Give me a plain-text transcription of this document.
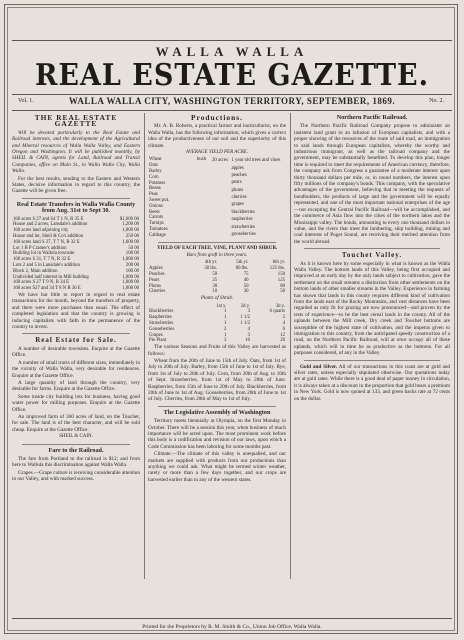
WALLA WALLA
REAL ESTATE GAZETTE.
Vol. 1.	WALLA WALLA CITY, WASHINGTON TERRITORY, SEPTEMBER, 1869.	No. 2.
THE REAL ESTATE GAZETTE
Will be devoted particularly to the Real Estate and Railroad interests, and the development of the Agricultural and Mineral resources of Walla Walla Valley, and Eastern Oregon and Washington. It will be published monthly, by SHEIL & CAIN, agents for Land, Railroad and Transit Companies, office on Main St., in Walla Walla City, Walla Walla.
For the best results, sending to the Eastern and Western States, decisive information in regard to this country, the Gazette will be given free.
Real Estate Transfers in Walla Walla County from Aug. 31st to Sept 30.
160 acres S 27 and S4 T 1 N, R 35 E	$1,600 00
House and 2 acres, Lansdale's addition	1,200 00
160 acres land adjoining city	1,000 00
House and lot, Sheil & Co's addition	250 00
160 acres land S 27, T 7 N, R 32 E	1,600 00
Lot 1 B P Cramer's addition	50 00
Building lot in Wallula townsite	100 00
160 acres S 31, T 7 N, R 32 E	1,000 00
Lots 2 and 5 in Lansdale's addition	200 00
Block 2, Main addition	100 00
Undivided half interest in Mill building	1,000 00
160 acres S 27 T 9 N, R 34 E	1,000 00
160 acres S27 and 34 T 8 N R 36 E	1,000 00
We have but little to report in regard to real estate transactions for the month, beyond the transfers of property, and there were more purchases than usual. The effect of completed legislation and that the country is growing is inducing capitalists with faith in the permanence of the country to invest.
Real Estate for Sale.
A number of desirable townsites. Enquire at the Gazette Office.
A number of small tracts of different sizes, immediately in the vicinity of Walla Walla, very desirable for residences. Enquire at the Gazette Office.
A large quantity of land through the country, very desirable for farms. Enquire at the Gazette Office.
Some inside city building lots for business, having good water power for milling purposes. Enquire at the Gazette Office.
An improved farm of 360 acres of land, on the Touchet, for sale. The land is of the best character, and will be sold cheap. Enquire at the Gazette Office.
SHEIL & CAIN.
Fare to the Railroad.
The fare from Portland to the railroad is $12; and from here to Wallula this discrimination against Walla Walla.
Grapes.—Grape culture is receiving considerable attention in our Valley, and with marked success.
Productions.
Mr. A. B. Roberts, a practical farmer and horticulturist, on the Walla Walla, has the following information, which gives a correct idea of the productiveness of our soil and the superiority of this climate.
AVERAGE YIELD PER ACRE.
Wheat	bush
Oats	
Barley	
Corn	
Potatoes	
Beans	
Peas	
Sweet pot.	
Onions	
Beets	
Carrots	
Turnips	
Tomatoes	
Cabbage	
20 acres	1 year old trees and vines
	apples
	peaches
	pears
	plums
	cherries
	grapes
	blackberries
	raspberries
	strawberries
	gooseberries

YIELD OF EACH TREE, VINE, PLANT AND SHRUB.
Bars from graft in three years.
	4th yr.	5th yr.	6th yr.
Apples	30 lbs.	80 lbs.	125 lbs.
Peaches	50	75	150
Pears	25	40	125
Plums	30	50	80
Cherries	10	30	50
Plants of Shrub.
	1st y.	2d y.	3d y.
Blackberries	1	3	6 quarts
Raspberries	1	1 1/2	2
Strawberries	1	1 1/2	4
Gooseberries	2	4	6
Grapes	1	3	12
Pie Plant	3	10	20
The various Seasons and Fruits of this Valley are harvested as follows:
Wheat from the 20th of June to 15th of July. Oats, from 1st of July to 20th of July. Barley, from 15th of June to 1st of July. Rye, from 1st of July to 20th of July. Corn, from 20th of Aug. to 10th of Sept. Strawberries, from 1st of May to 20th of June. Raspberries, from 15th of June to 20th of July. Blackberries, from 20th of June to 1st of Aug. Gooseberries, from 20th of June to 1st of July. Cherries, from 20th of May to 1st of July.
The Legislative Assembly of Washington
Territory meets biennially at Olympia, on the first Monday in October. There will be a session this year, when business of much importance will be acted upon. The most prominent work before this body is a codification and revision of our laws, upon which a Code Commission has been laboring for some months past.
Climate.—The climate of this valley is unequalled, and our markets are supplied with products from our productions than anything we could ask. What might be termed winter weather, rarely or more than a few days together, and our crops are harvested earlier than in any of the western states.
Northern Pacific Railroad.
The Northern Pacific Railroad Company propose to administer an insistent land grant to an infusion of European capitalists, and with a proper showing of the resources of the route of said road, an immigration to said lands through European capitalists, whereby the worthy and industrious immigrant, as well as the railroad company and the government, may be substantially benefited. To develop this plan, longer time is required to meet the requirements of American currency, therefore, the company ask from Congress a guarantee of a moderate interest upon thirty thousand dollars per mile, or, in round numbers, the interest upon fifty millions of the company's bonds. This company, with the speculative advantages of the government, believing that in meeting the requests of bondholders, the products of large and the government will be equally represented, and one of the most important national enterprises of the age—not excepting the Central Pacific Railroad—will be accomplished, and the commerce of Asia flow into the cities of the northern lakes and the Mississippi valley. The bonds, amounting to every one thousand dollars in value, and the rivers that meet the lumbering, ship building, mining and coal interests of Puget Sound, are receiving their merited attention from the world abroad.
Touchet Valley.
As it is known here by some especially in what is known as the Walla Walla Valley. The bottom lands of this Valley, being first occupied and improved at an early day by the only lands subject to cultivation, gave the settlement on the small streams a distinction from other settlements on the bottom lands of other smaller streams in the Valley. Experience in farming has shown that lands in this county requires different kind of cultivation from the lands east of the Rocky Mountains, and vast distances have been regarded as only fit for grazing are now pronounced—and proven by the tests of experience—to be the best cereal lands in the county. All of the uplands between the Mill creek, Dry creek and Touchet bottoms are susceptible of the highest state of cultivation, and the impetus given to immigration to this country, from the anticipated speedy construction of a road, on the Northern Pacific Railroad, will at once occupy all of these uplands, which will in time be as productive as the bottoms. For all purposes considered, of any in the Valley.
Gold and Silver. All of our transactions in this coast are at gold and silver rates, unless especially stipulated otherwise. Our quotations today are at gold rates. While there is a good deal of paper money in circulation, it is always taken at a discount in the proportion that gold bears a premium in New York. Gold is now quoted at 133, and green backs rate at 72 cents on the dollar.
Printed for the Proprietors by R. M. Smith & Co., Union Job Office, Walla Walla.
